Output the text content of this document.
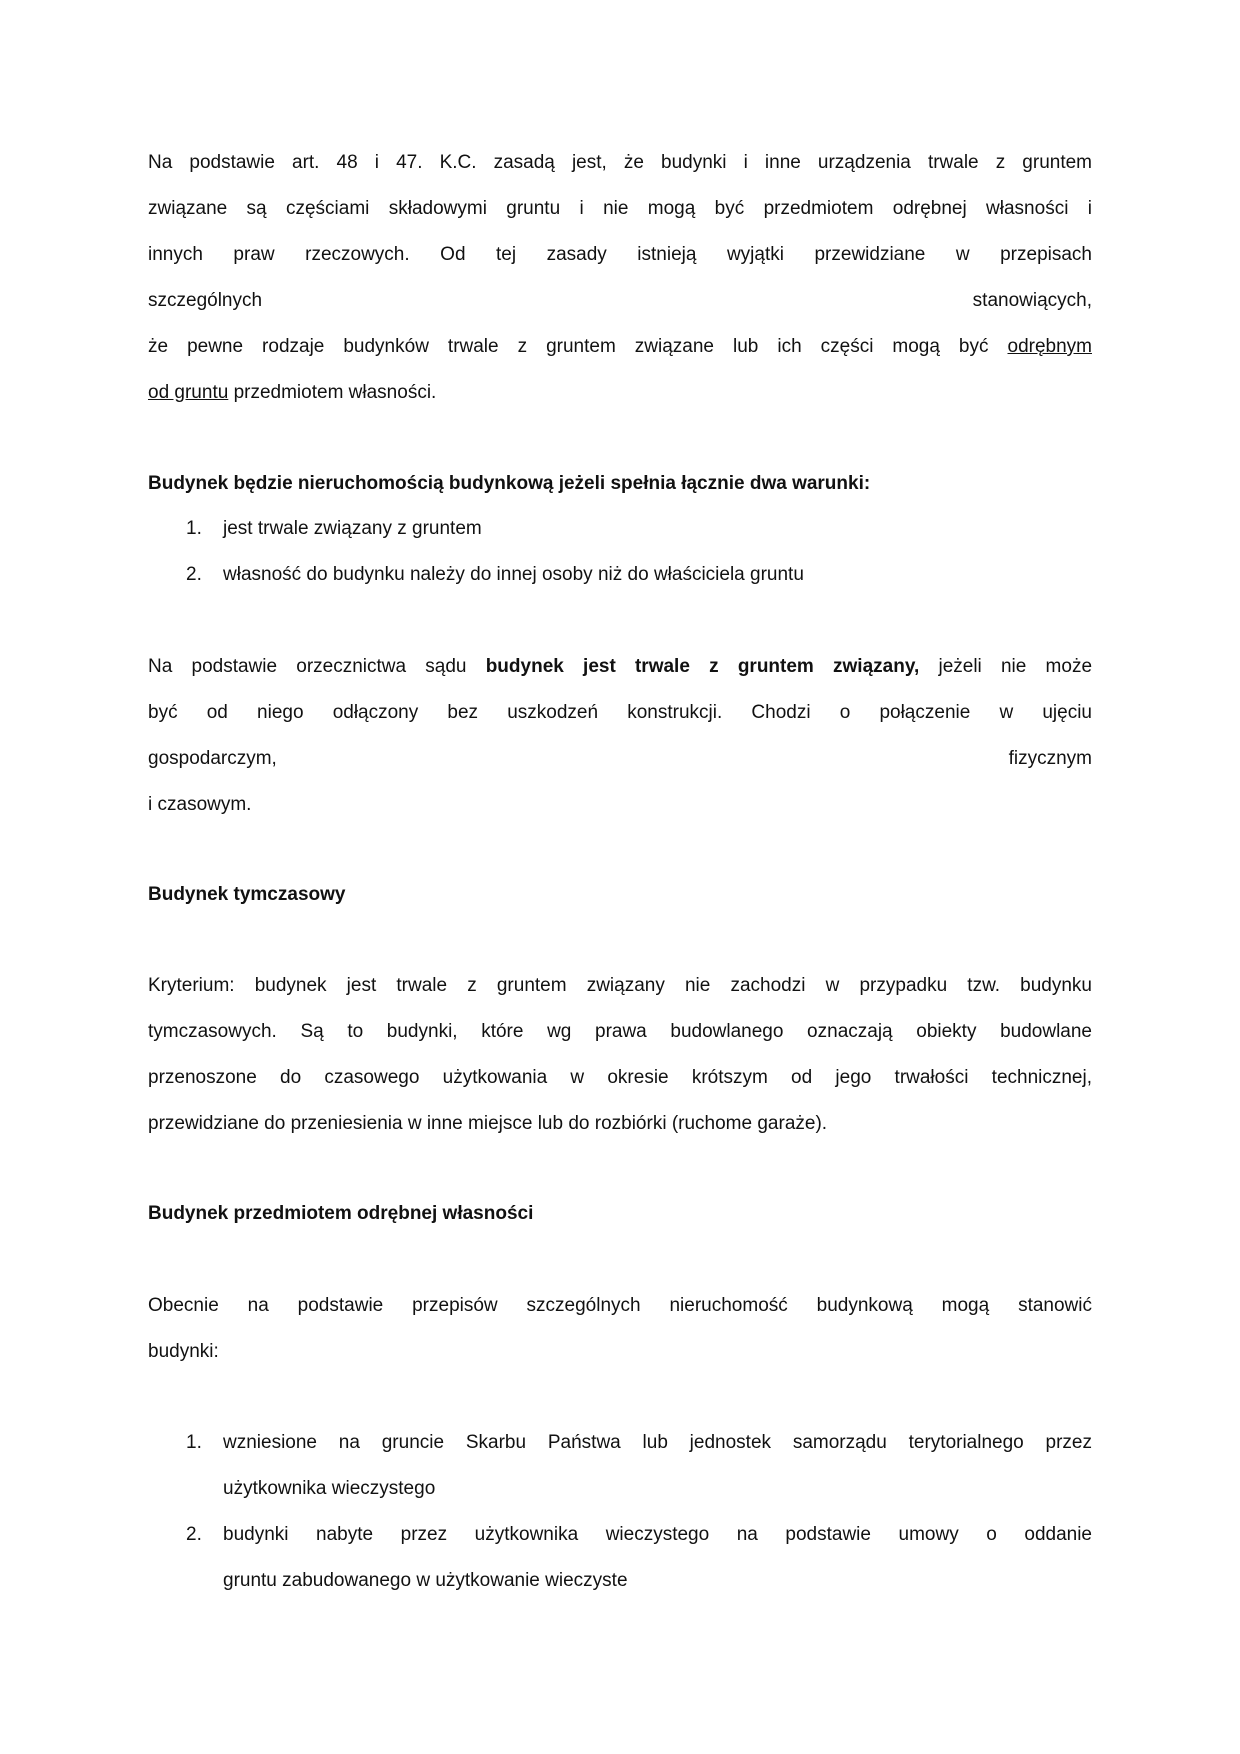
Na podstawie art. 48 i 47. K.C. zasadą jest, że budynki i inne urządzenia trwale z gruntem
związane są częściami składowymi gruntu i nie mogą być przedmiotem odrębnej własności i
innych praw rzeczowych. Od tej zasady istnieją wyjątki przewidziane w przepisach
szczególnych stanowiących,
że pewne rodzaje budynków trwale z gruntem związane lub ich części mogą być odrębnym
od gruntu przedmiotem własności.
Budynek będzie nieruchomością budynkową jeżeli spełnia łącznie dwa warunki:
1. jest trwale związany z gruntem
2. własność do budynku należy do innej osoby niż do właściciela gruntu
Na podstawie orzecznictwa sądu budynek jest trwale z gruntem związany, jeżeli nie może
być od niego odłączony bez uszkodzeń konstrukcji. Chodzi o połączenie w ujęciu
gospodarczym, fizycznym
i czasowym.
Budynek tymczasowy
Kryterium: budynek jest trwale z gruntem związany nie zachodzi w przypadku tzw. budynku
tymczasowych. Są to budynki, które wg prawa budowlanego oznaczają obiekty budowlane
przenoszone do czasowego użytkowania w okresie krótszym od jego trwałości technicznej,
przewidziane do przeniesienia w inne miejsce lub do rozbiórki (ruchome garaże).
Budynek przedmiotem odrębnej własności
Obecnie na podstawie przepisów szczególnych nieruchomość budynkową mogą stanowić
budynki:
1. wzniesione na gruncie Skarbu Państwa lub jednostek samorządu terytorialnego przez
użytkownika wieczystego
2. budynki nabyte przez użytkownika wieczystego na podstawie umowy o oddanie
gruntu zabudowanego w użytkowanie wieczyste
